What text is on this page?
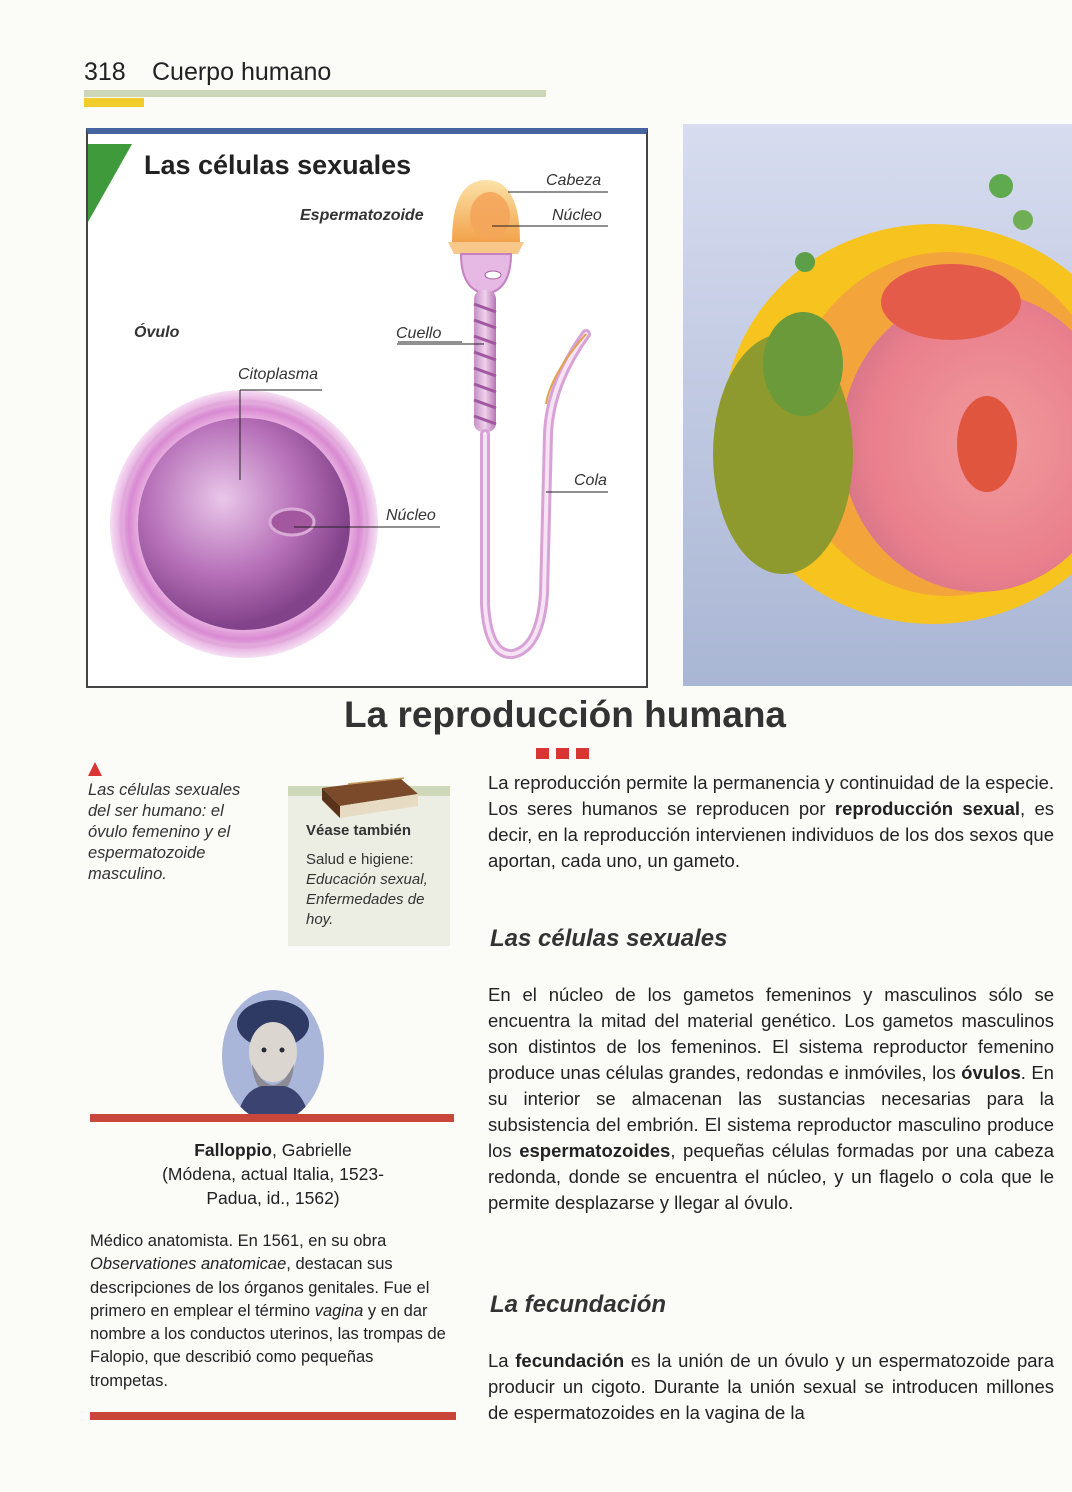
318 Cuerpo humano
Las células sexuales
Espermatozoide
Óvulo
Cabeza
Núcleo
Cuello
Citoplasma
Núcleo
Cola
La reproducción humana
Las células sexuales del ser humano: el óvulo femenino y el espermatozoide masculino.
Véase también
Salud e higiene:
Educación sexual,
Enfermedades de
hoy.
Falloppio, Gabrielle
(Módena, actual Italia, 1523-
Padua, id., 1562)
Médico anatomista. En 1561, en su obra Observationes anatomicae, destacan sus descripciones de los órganos genitales. Fue el primero en emplear el término vagina y en dar nombre a los conductos uterinos, las trompas de Falopio, que describió como pequeñas trompetas.
La reproducción permite la permanencia y continuidad de la especie. Los seres humanos se reproducen por reproducción sexual, es decir, en la reproducción intervienen individuos de los dos sexos que aportan, cada uno, un gameto.
Las células sexuales
En el núcleo de los gametos femeninos y masculinos sólo se encuentra la mitad del material genético. Los gametos masculinos son distintos de los femeninos. El sistema reproductor femenino produce unas células grandes, redondas e inmóviles, los óvulos. En su interior se almacenan las sustancias necesarias para la subsistencia del embrión. El sistema reproductor masculino produce los espermatozoides, pequeñas células formadas por una cabeza redonda, donde se encuentra el núcleo, y un flagelo o cola que le permite desplazarse y llegar al óvulo.
La fecundación
La fecundación es la unión de un óvulo y un espermatozoide para producir un cigoto. Durante la unión sexual se introducen millones de espermatozoides en la vagina de la
